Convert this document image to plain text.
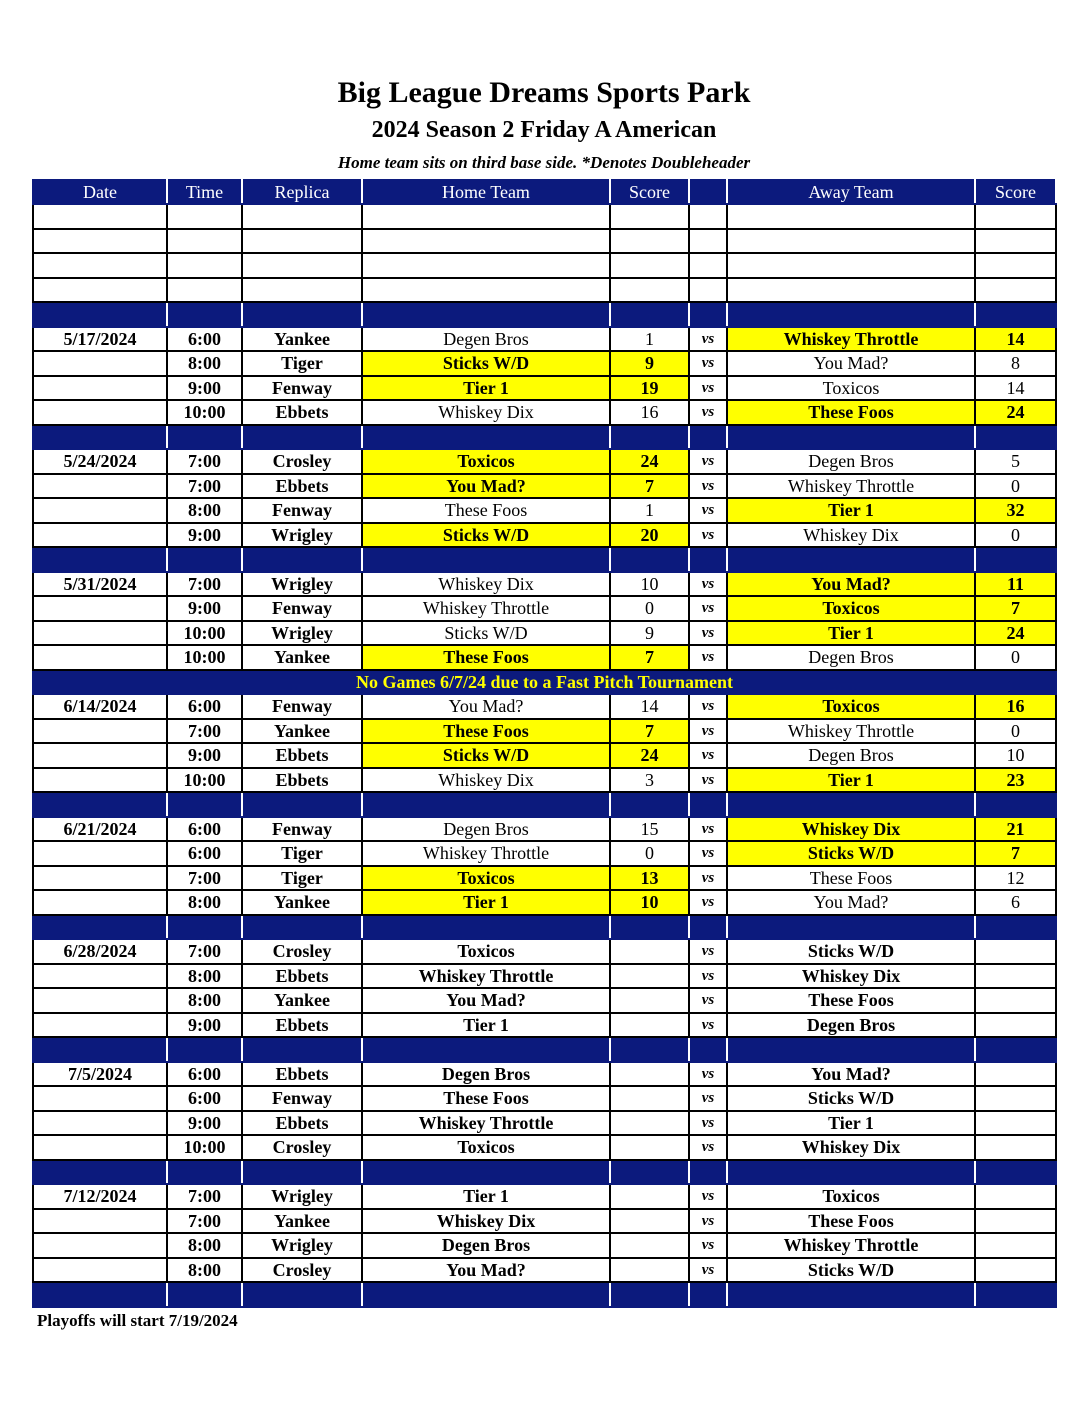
Big League Dreams Sports Park
2024 Season 2 Friday A American
Home team sits on third base side. *Denotes Doubleheader
Date	Time	Replica	Home Team	Score		Away Team	Score

5/17/2024	6:00	Yankee	Degen Bros	1	vs	Whiskey Throttle	14
	8:00	Tiger	Sticks W/D	9	vs	You Mad?	8
	9:00	Fenway	Tier 1	19	vs	Toxicos	14
	10:00	Ebbets	Whiskey Dix	16	vs	These Foos	24

5/24/2024	7:00	Crosley	Toxicos	24	vs	Degen Bros	5
	7:00	Ebbets	You Mad?	7	vs	Whiskey Throttle	0
	8:00	Fenway	These Foos	1	vs	Tier 1	32
	9:00	Wrigley	Sticks W/D	20	vs	Whiskey Dix	0

5/31/2024	7:00	Wrigley	Whiskey Dix	10	vs	You Mad?	11
	9:00	Fenway	Whiskey Throttle	0	vs	Toxicos	7
	10:00	Wrigley	Sticks W/D	9	vs	Tier 1	24
	10:00	Yankee	These Foos	7	vs	Degen Bros	0
No Games 6/7/24 due to a Fast Pitch Tournament							
6/14/2024	6:00	Fenway	You Mad?	14	vs	Toxicos	16
	7:00	Yankee	These Foos	7	vs	Whiskey Throttle	0
	9:00	Ebbets	Sticks W/D	24	vs	Degen Bros	10
	10:00	Ebbets	Whiskey Dix	3	vs	Tier 1	23

6/21/2024	6:00	Fenway	Degen Bros	15	vs	Whiskey Dix	21
	6:00	Tiger	Whiskey Throttle	0	vs	Sticks W/D	7
	7:00	Tiger	Toxicos	13	vs	These Foos	12
	8:00	Yankee	Tier 1	10	vs	You Mad?	6

6/28/2024	7:00	Crosley	Toxicos		vs	Sticks W/D	
	8:00	Ebbets	Whiskey Throttle		vs	Whiskey Dix	
	8:00	Yankee	You Mad?		vs	These Foos	
	9:00	Ebbets	Tier 1		vs	Degen Bros	

7/5/2024	6:00	Ebbets	Degen Bros		vs	You Mad?	
	6:00	Fenway	These Foos		vs	Sticks W/D	
	9:00	Ebbets	Whiskey Throttle		vs	Tier 1	
	10:00	Crosley	Toxicos		vs	Whiskey Dix	

7/12/2024	7:00	Wrigley	Tier 1		vs	Toxicos	
	7:00	Yankee	Whiskey Dix		vs	These Foos	
	8:00	Wrigley	Degen Bros		vs	Whiskey Throttle	
	8:00	Crosley	You Mad?		vs	Sticks W/D	

Playoffs will start 7/19/2024
